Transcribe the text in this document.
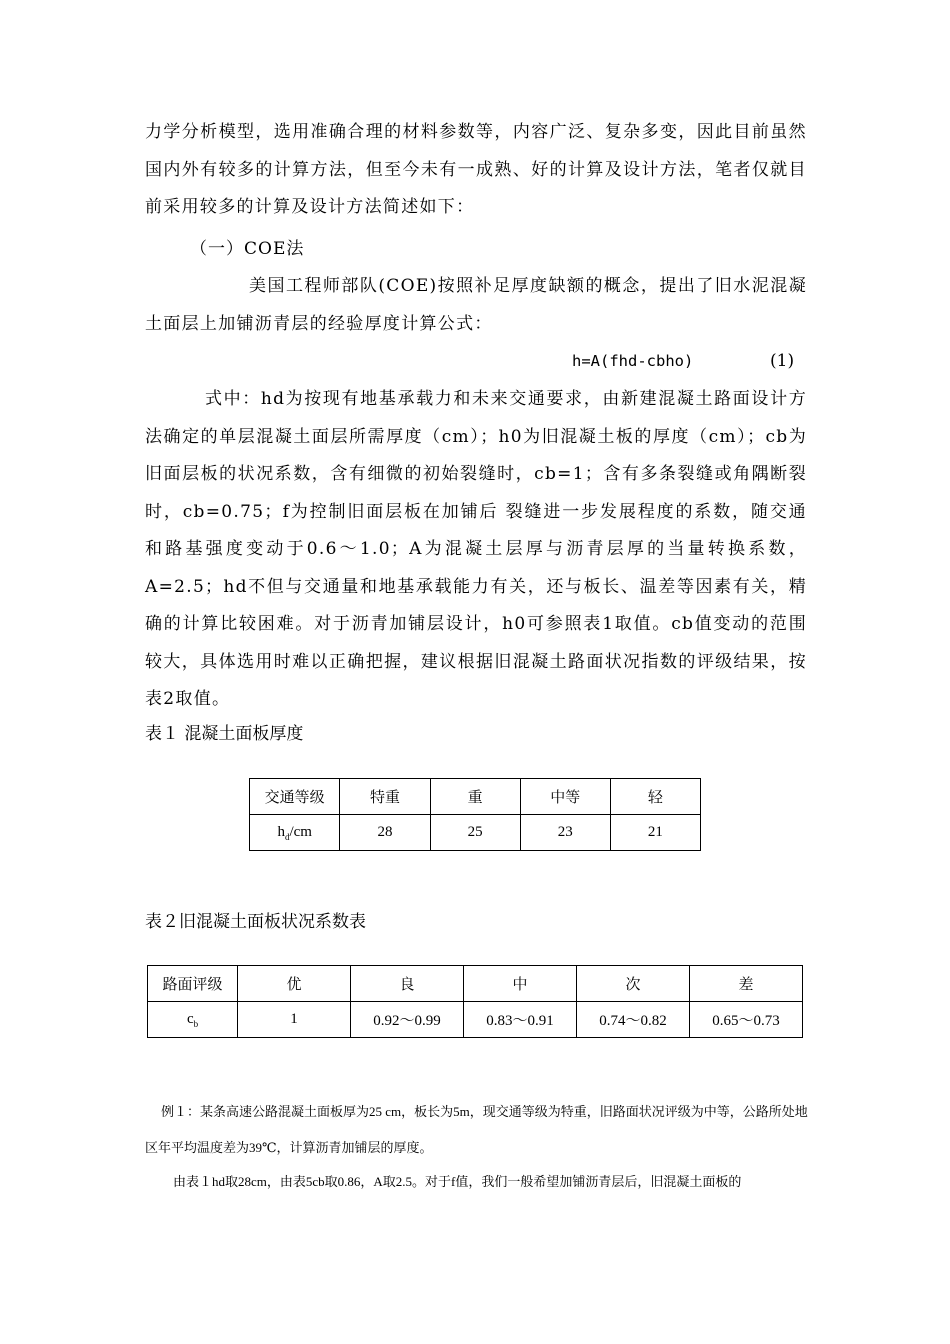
力学分析模型，选用准确合理的材料参数等，内容广泛、复杂多变，因此目前虽然国内外有较多的计算方法，但至今未有一成熟、好的计算及设计方法，笔者仅就目前采用较多的计算及设计方法简述如下：

（一）COE法

美国工程师部队(COE)按照补足厚度缺额的概念，提出了旧水泥混凝土面层上加铺沥青层的经验厚度计算公式：

h=A(fhd-cbho)	(1)

式中：hd为按现有地基承载力和未来交通要求，由新建混凝土路面设计方法确定的单层混凝土面层所需厚度（cm）；h0为旧混凝土板的厚度（cm）；cb为旧面层板的状况系数，含有细微的初始裂缝时，cb=1；含有多条裂缝或角隅断裂时，cb=0.75；f为控制旧面层板在加铺后 裂缝进一步发展程度的系数，随交通和路基强度变动于0.6～1.0；A为混凝土层厚与沥青层厚的当量转换系数，A=2.5；hd不但与交通量和地基承载能力有关，还与板长、温差等因素有关，精确的计算比较困难。对于沥青加铺层设计，h0可参照表1取值。cb值变动的范围较大，具体选用时难以正确把握，建议根据旧混凝土路面状况指数的评级结果，按表2取值。

表１ 混凝土面板厚度

交通等级	特重	重	中等	轻
$h_d/cm$	28	25	23	21

表２旧混凝土面板状况系数表

路面评级	优	良	中	次	差
$c_b$	1	0.92～0.99	0.83～0.91	0.74～0.82	0.65～0.73

例１：某条高速公路混凝土面板厚为25 cm，板长为5m，现交通等级为特重，旧路面状况评级为中等，公路所处地区年平均温度差为39℃，计算沥青加铺层的厚度。

由表１hd取28cm，由表5cb取0.86，A取2.5。对于f值，我们一般希望加铺沥青层后，旧混凝土面板的
